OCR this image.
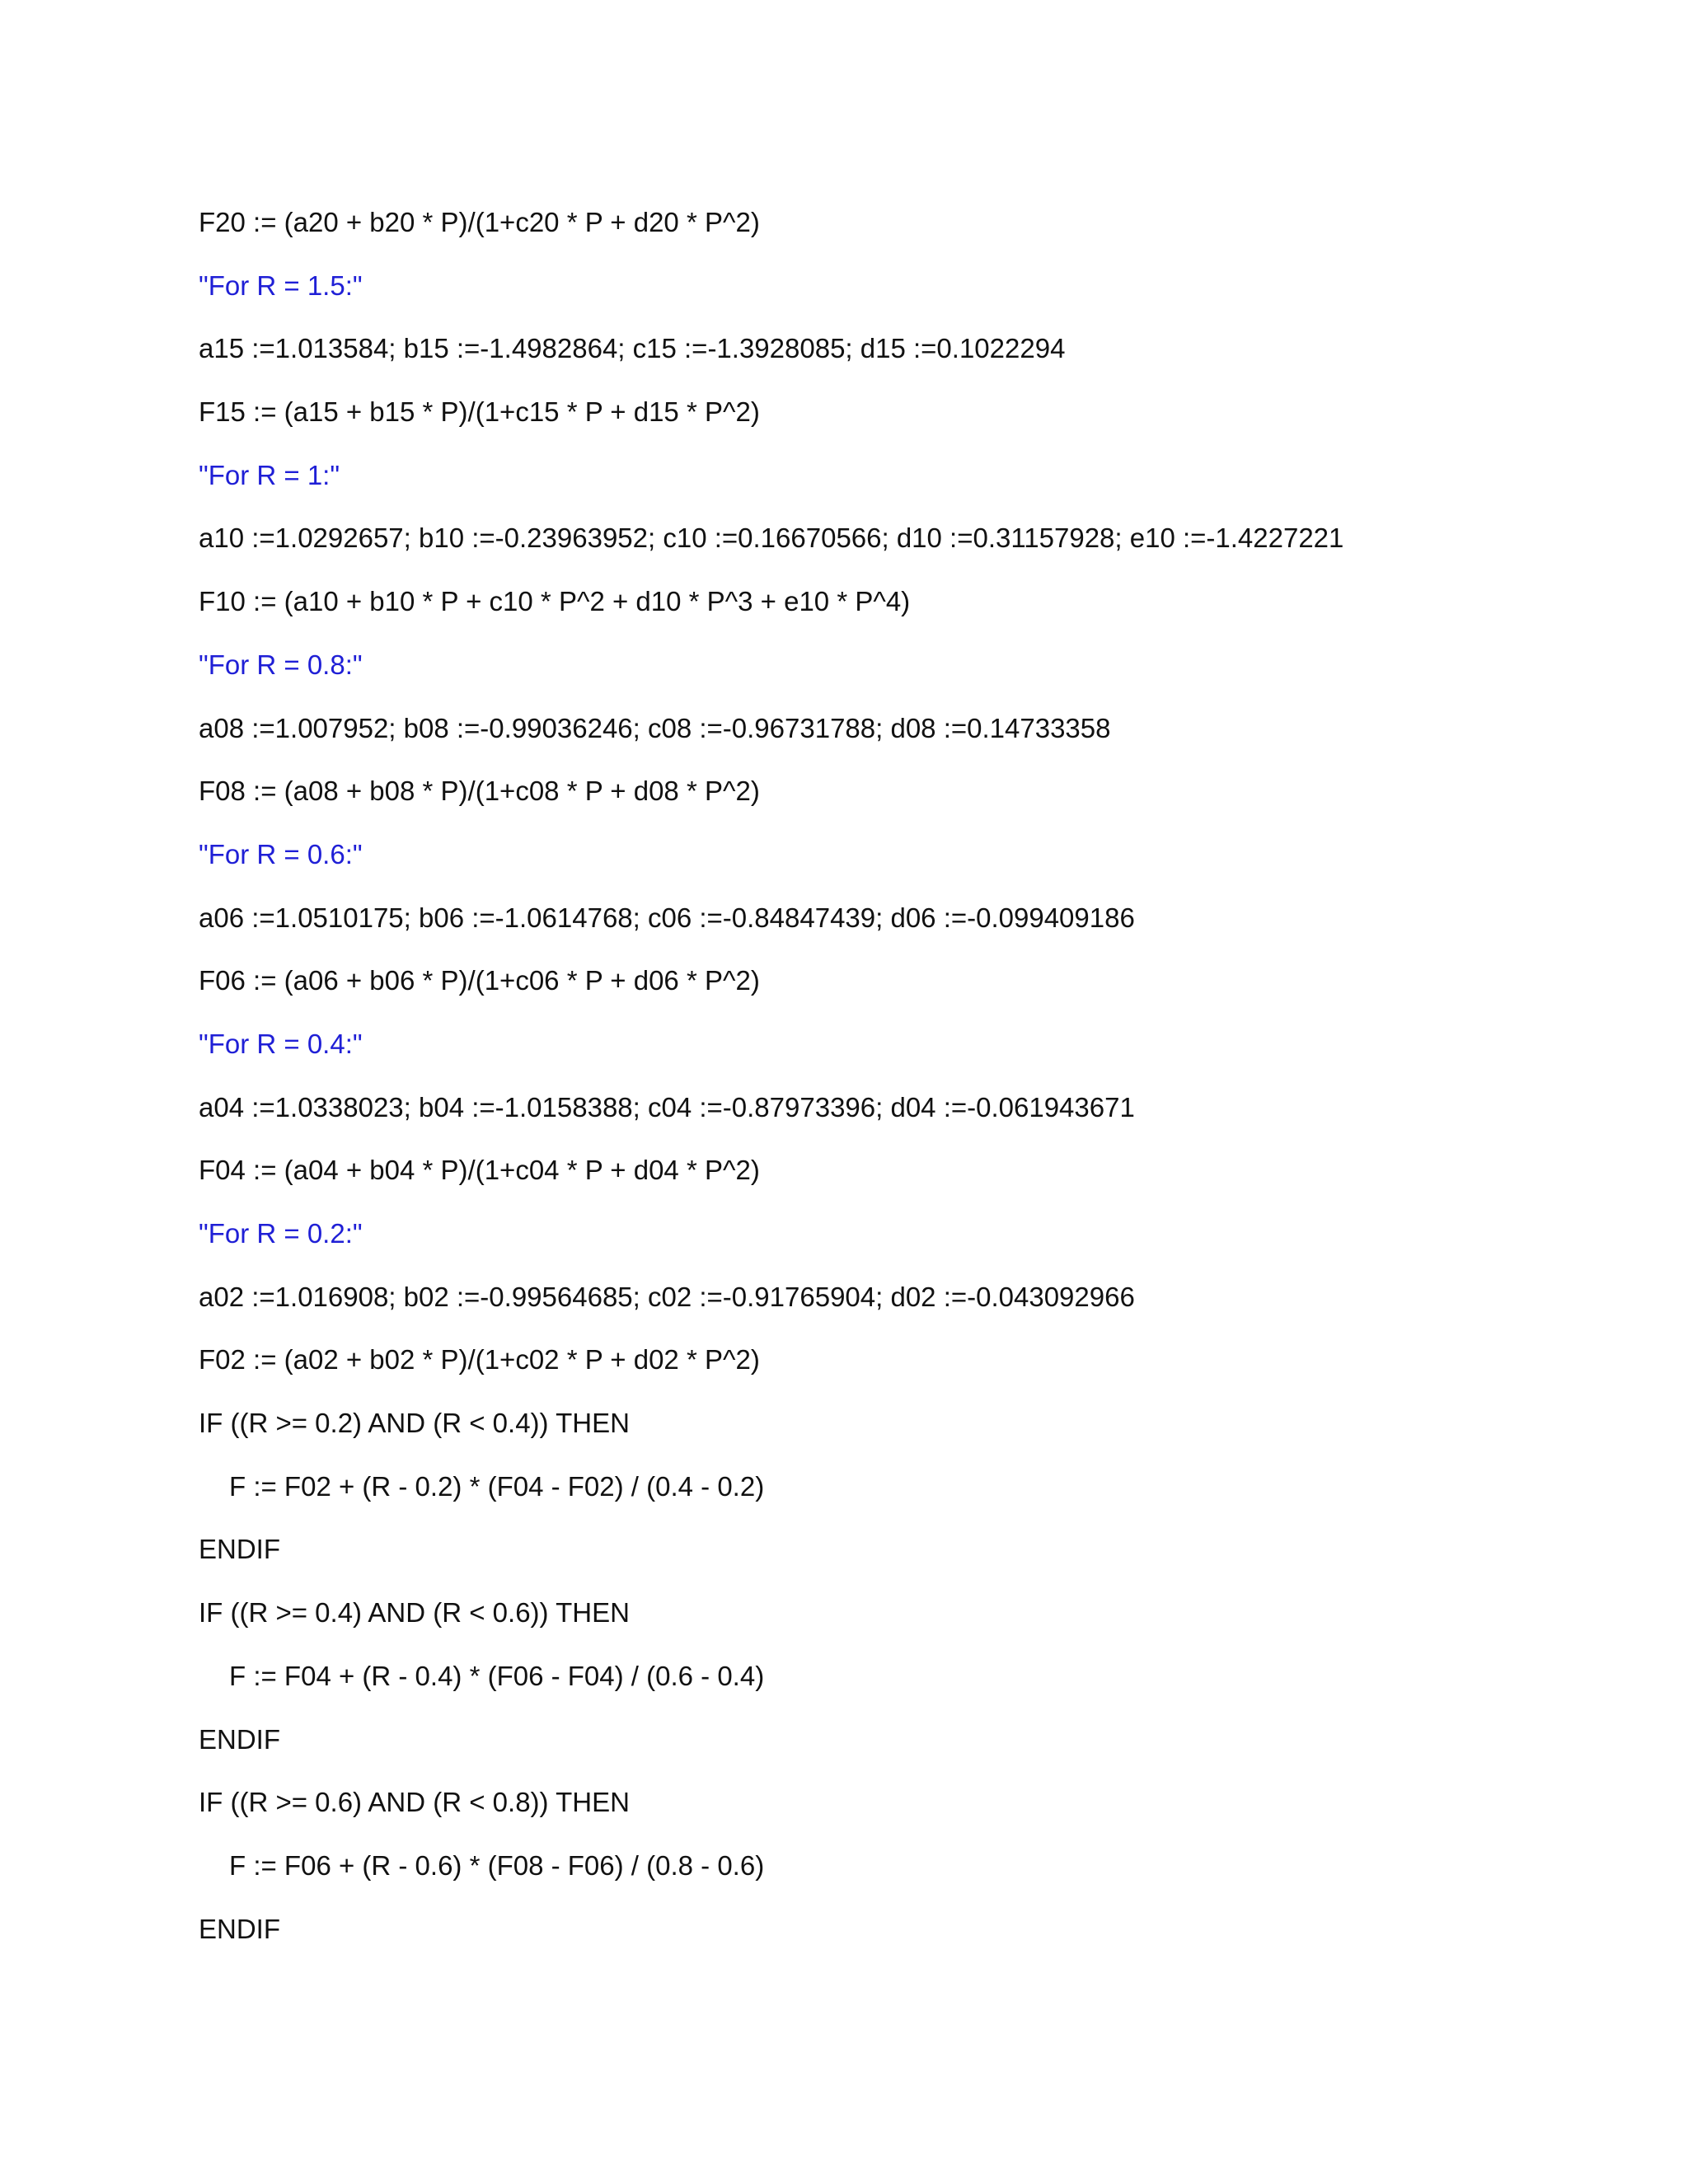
F20 := (a20 + b20 * P)/(1+c20 * P + d20 * P^2)
"For R = 1.5:"
a15 :=1.013584; b15 :=-1.4982864; c15 :=-1.3928085; d15 :=0.1022294
F15 := (a15 + b15 * P)/(1+c15 * P + d15 * P^2)
"For R = 1:"
a10 :=1.0292657; b10 :=-0.23963952; c10 :=0.16670566; d10 :=0.31157928; e10 :=-1.4227221
F10 := (a10 + b10 * P + c10 * P^2 + d10 * P^3 + e10 * P^4)
"For R = 0.8:"
a08 :=1.007952; b08 :=-0.99036246; c08 :=-0.96731788; d08 :=0.14733358
F08 := (a08 + b08 * P)/(1+c08 * P + d08 * P^2)
"For R = 0.6:"
a06 :=1.0510175; b06 :=-1.0614768; c06 :=-0.84847439; d06 :=-0.099409186
F06 := (a06 + b06 * P)/(1+c06 * P + d06 * P^2)
"For R = 0.4:"
a04 :=1.0338023; b04 :=-1.0158388; c04 :=-0.87973396; d04 :=-0.061943671
F04 := (a04 + b04 * P)/(1+c04 * P + d04 * P^2)
"For R = 0.2:"
a02 :=1.016908; b02 :=-0.99564685; c02 :=-0.91765904; d02 :=-0.043092966
F02 := (a02 + b02 * P)/(1+c02 * P + d02 * P^2)
IF ((R >= 0.2) AND (R < 0.4)) THEN
F := F02 + (R - 0.2) * (F04 - F02) / (0.4 - 0.2)
ENDIF
IF ((R >= 0.4) AND (R < 0.6)) THEN
F := F04 + (R - 0.4) * (F06 - F04) / (0.6 - 0.4)
ENDIF
IF ((R >= 0.6) AND (R < 0.8)) THEN
F := F06 + (R - 0.6) * (F08 - F06) / (0.8 - 0.6)
ENDIF
